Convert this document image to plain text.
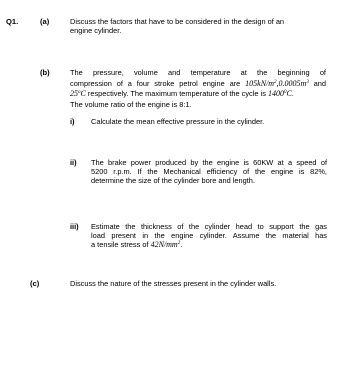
Q1.	(a)	Discuss the factors that have to be considered in the design of an
engine cylinder.
(b)	The pressure, volume and temperature at the beginning of
compression of a four stroke petrol engine are $105kN/m^2,0.0005m^3$ and
25$^o$C respectively. The maximum temperature of the cycle is 1400$^0$C.
The volume ratio of the engine is 8:1.
i) Calculate the mean effective pressure in the cylinder.
ii) The brake power produced by the engine is 60KW at a speed of
5200 r.p.m. If the Mechanical efficiency of the engine is 82%,
determine the size of the cylinder bore and length.
iii) Estimate the thickness of the cylinder head to support the gas
load present in the engine cylinder. Assume the material has
a tensile stress of $42N/mm^2$.
(c)	Discuss the nature of the stresses present in the cylinder walls.
